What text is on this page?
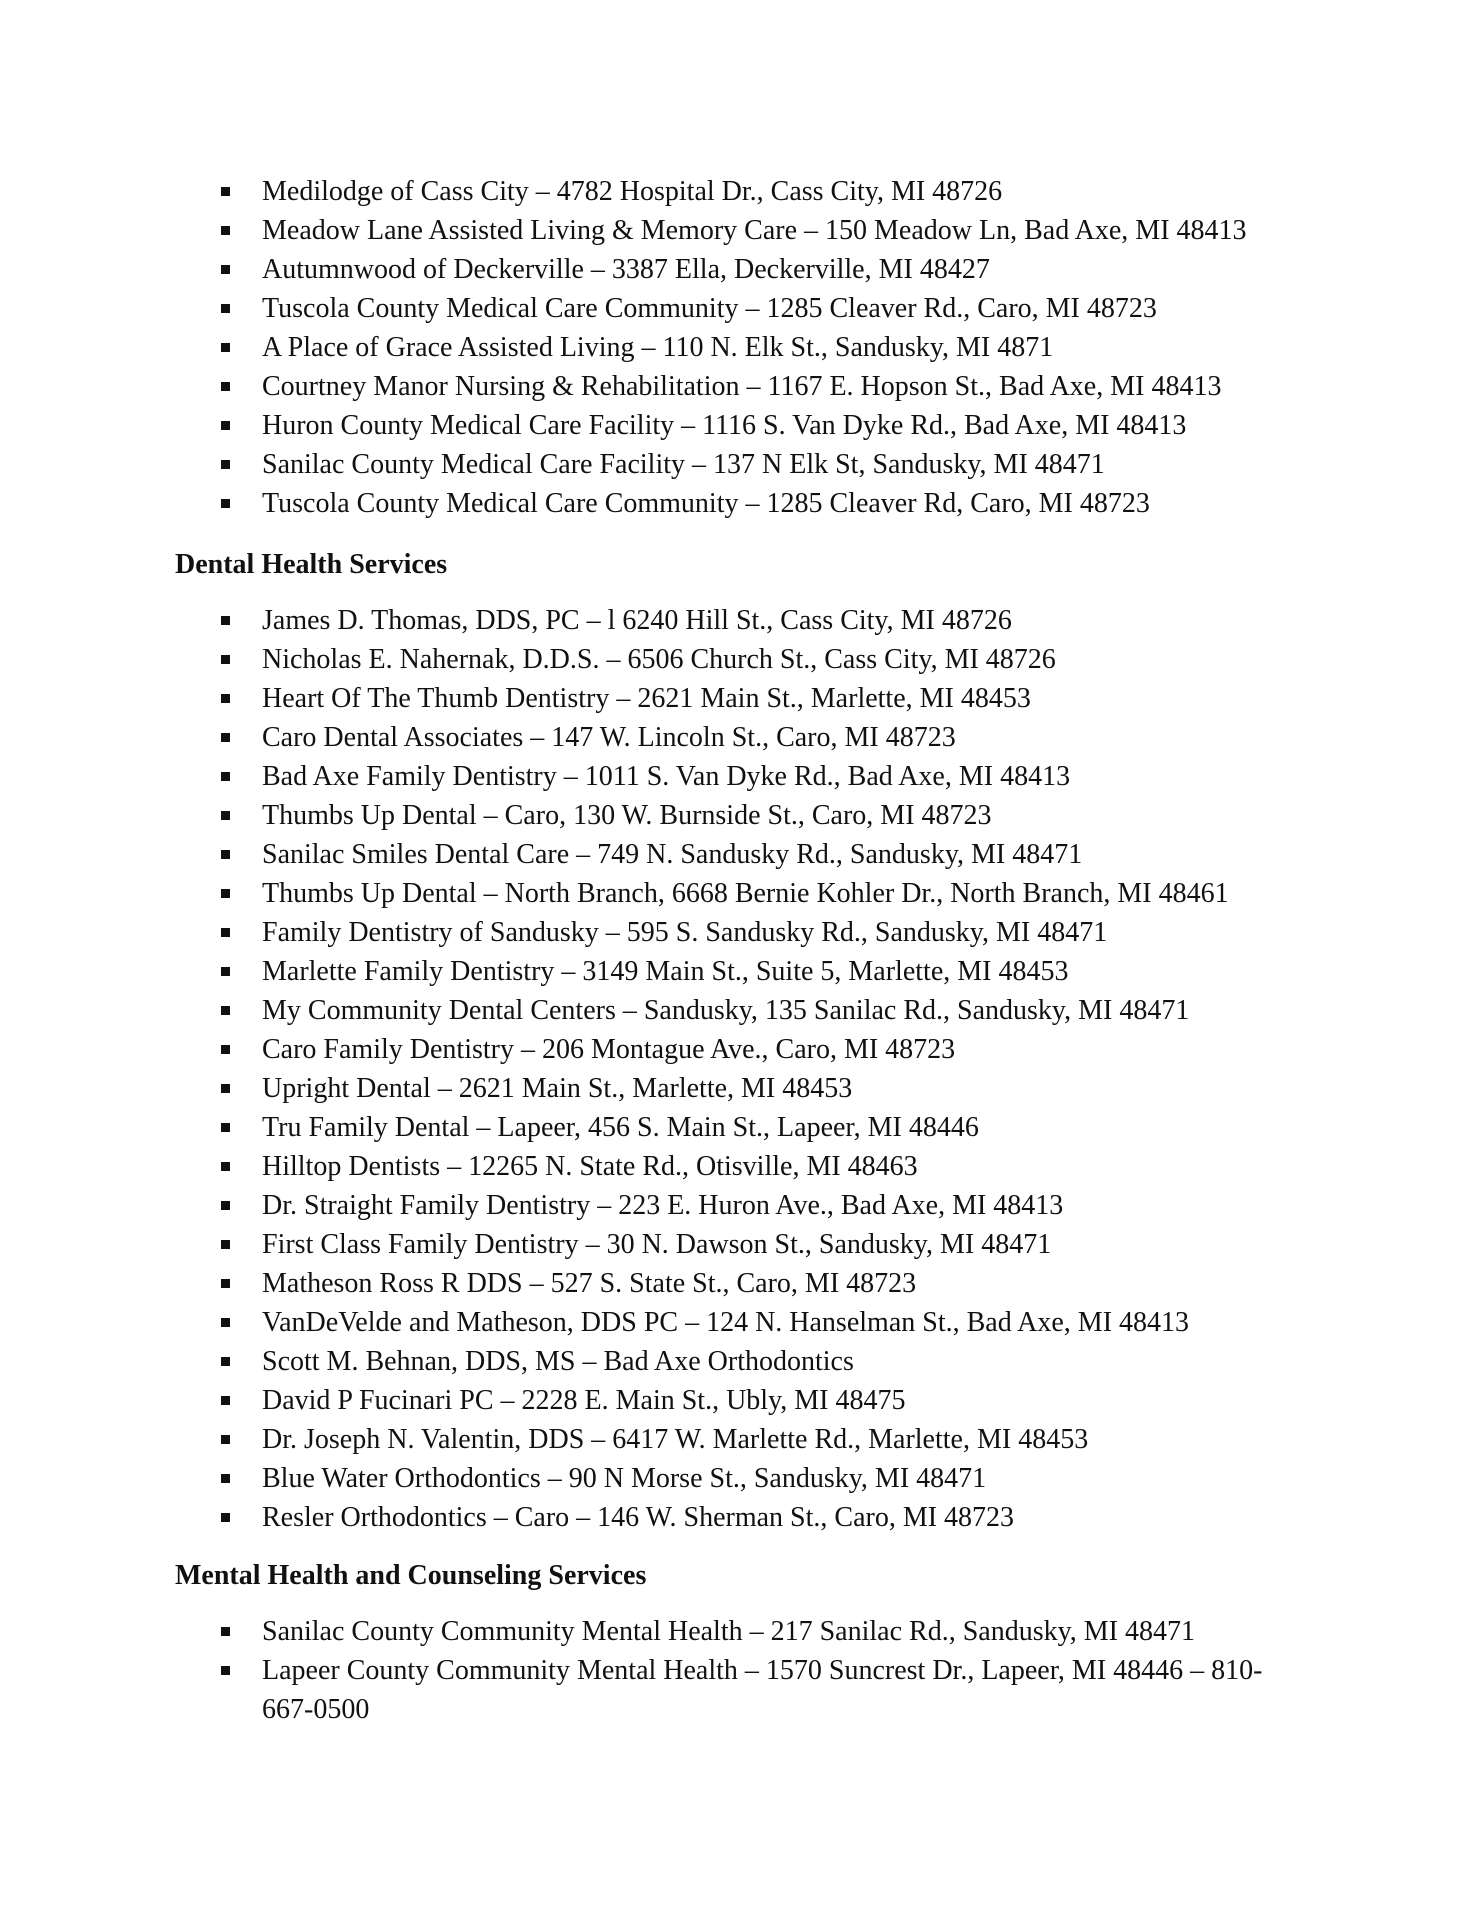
Medilodge of Cass City – 4782 Hospital Dr., Cass City, MI 48726
Meadow Lane Assisted Living & Memory Care – 150 Meadow Ln, Bad Axe, MI 48413
Autumnwood of Deckerville – 3387 Ella, Deckerville, MI 48427
Tuscola County Medical Care Community – 1285 Cleaver Rd., Caro, MI 48723
A Place of Grace Assisted Living – 110 N. Elk St., Sandusky, MI 4871
Courtney Manor Nursing & Rehabilitation – 1167 E. Hopson St., Bad Axe, MI 48413
Huron County Medical Care Facility – 1116 S. Van Dyke Rd., Bad Axe, MI 48413
Sanilac County Medical Care Facility – 137 N Elk St, Sandusky, MI 48471
Tuscola County Medical Care Community – 1285 Cleaver Rd, Caro, MI 48723
Dental Health Services
James D. Thomas, DDS, PC – l 6240 Hill St., Cass City, MI 48726
Nicholas E. Nahernak, D.D.S. – 6506 Church St., Cass City, MI 48726
Heart Of The Thumb Dentistry – 2621 Main St., Marlette, MI 48453
Caro Dental Associates – 147 W. Lincoln St., Caro, MI 48723
Bad Axe Family Dentistry – 1011 S. Van Dyke Rd., Bad Axe, MI 48413
Thumbs Up Dental – Caro, 130 W. Burnside St., Caro, MI 48723
Sanilac Smiles Dental Care – 749 N. Sandusky Rd., Sandusky, MI 48471
Thumbs Up Dental – North Branch, 6668 Bernie Kohler Dr., North Branch, MI 48461
Family Dentistry of Sandusky – 595 S. Sandusky Rd., Sandusky, MI 48471
Marlette Family Dentistry – 3149 Main St., Suite 5, Marlette, MI 48453
My Community Dental Centers – Sandusky, 135 Sanilac Rd., Sandusky, MI 48471
Caro Family Dentistry – 206 Montague Ave., Caro, MI 48723
Upright Dental – 2621 Main St., Marlette, MI 48453
Tru Family Dental – Lapeer, 456 S. Main St., Lapeer, MI 48446
Hilltop Dentists – 12265 N. State Rd., Otisville, MI 48463
Dr. Straight Family Dentistry – 223 E. Huron Ave., Bad Axe, MI 48413
First Class Family Dentistry – 30 N. Dawson St., Sandusky, MI 48471
Matheson Ross R DDS – 527 S. State St., Caro, MI 48723
VanDeVelde and Matheson, DDS PC – 124 N. Hanselman St., Bad Axe, MI 48413
Scott M. Behnan, DDS, MS – Bad Axe Orthodontics
David P Fucinari PC – 2228 E. Main St., Ubly, MI 48475
Dr. Joseph N. Valentin, DDS – 6417 W. Marlette Rd., Marlette, MI 48453
Blue Water Orthodontics – 90 N Morse St., Sandusky, MI 48471
Resler Orthodontics – Caro – 146 W. Sherman St., Caro, MI 48723
Mental Health and Counseling Services
Sanilac County Community Mental Health – 217 Sanilac Rd., Sandusky, MI 48471
Lapeer County Community Mental Health – 1570 Suncrest Dr., Lapeer, MI 48446 – 810-667-0500
